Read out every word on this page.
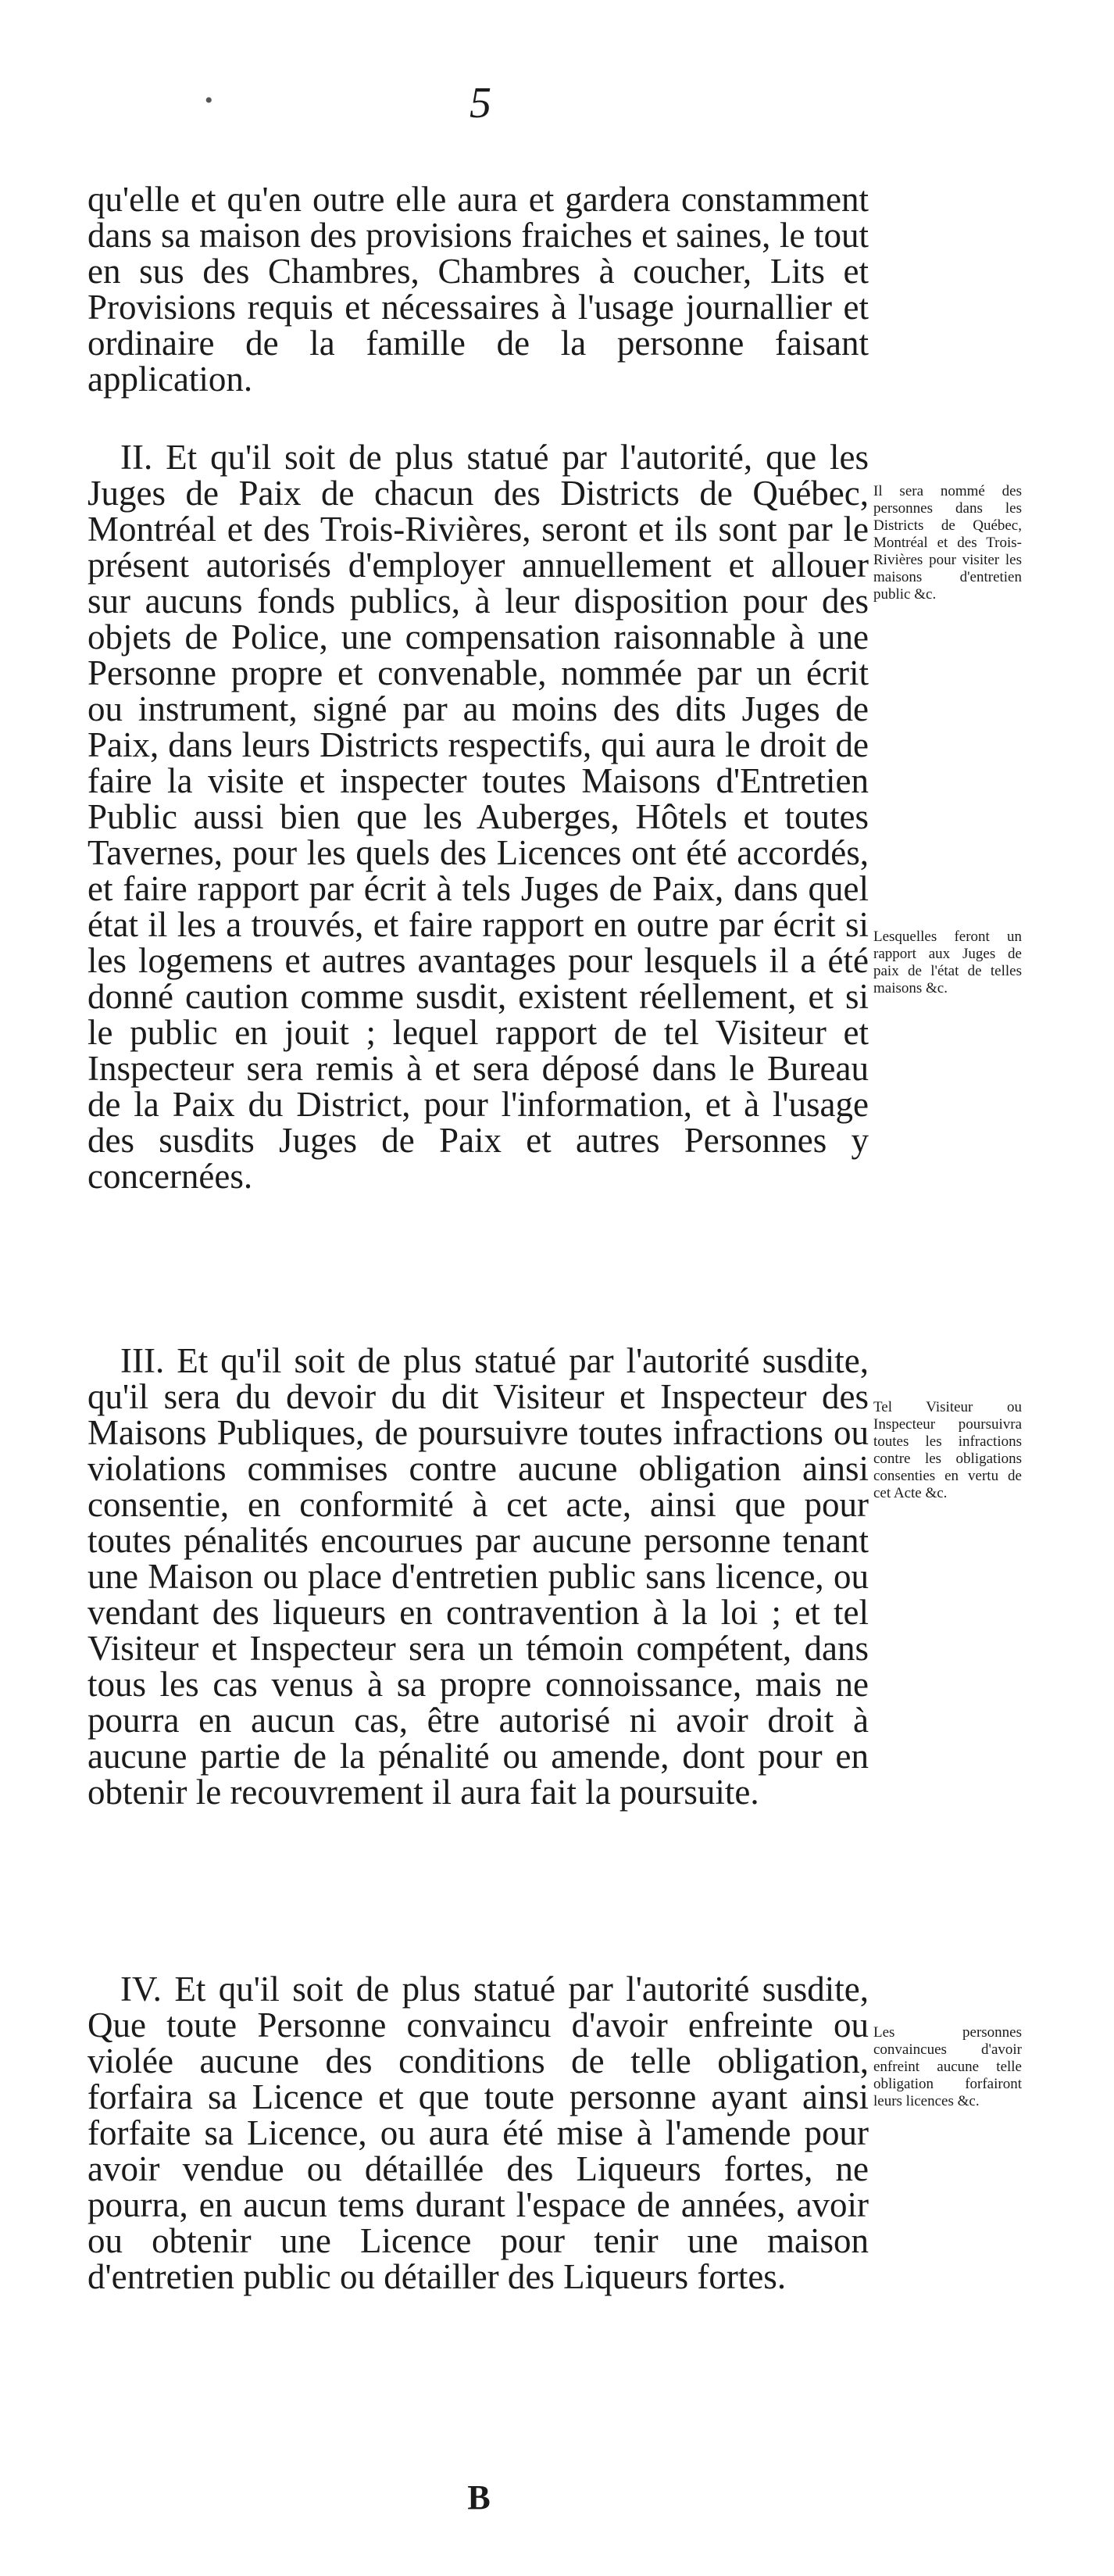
5
•

qu'elle et qu'en outre elle aura et gardera constamment dans sa maison des provisions fraiches et saines, le tout en sus des Chambres, Chambres à coucher, Lits et Provisions requis et nécessaires à l'usage journallier et ordinaire de la famille de la personne faisant application.

II. Et qu'il soit de plus statué par l'autorité, que les Juges de Paix de chacun des Districts de Québec, Montréal et des Trois-Rivières, seront et ils sont par le présent autorisés d'employer annuellement et allouer sur aucuns fonds publics, à leur disposition pour des objets de Police, une compensation raisonnable à une Personne propre et convenable, nommée par un écrit ou instrument, signé par au moins des dits Juges de Paix, dans leurs Districts respectifs, qui aura le droit de faire la visite et inspecter toutes Maisons d'Entretien Public aussi bien que les Auberges, Hôtels et toutes Tavernes, pour les quels des Licences ont été accordés, et faire rapport par écrit à tels Juges de Paix, dans quel état il les a trouvés, et faire rapport en outre par écrit si les logemens et autres avantages pour lesquels il a été donné caution comme susdit, existent réellement, et si le public en jouit ; lequel rapport de tel Visiteur et Inspecteur sera remis à et sera déposé dans le Bureau de la Paix du District, pour l'information, et à l'usage des susdits Juges de Paix et autres Personnes y concernées.

III. Et qu'il soit de plus statué par l'autorité susdite, qu'il sera du devoir du dit Visiteur et Inspecteur des Maisons Publiques, de poursuivre toutes infractions ou violations commises contre aucune obligation ainsi consentie, en conformité à cet acte, ainsi que pour toutes pénalités encourues par aucune personne tenant une Maison ou place d'entretien public sans licence, ou vendant des liqueurs en contravention à la loi ; et tel Visiteur et Inspecteur sera un témoin compétent, dans tous les cas venus à sa propre connoissance, mais ne pourra en aucun cas, être autorisé ni avoir droit à aucune partie de la pénalité ou amende, dont pour en obtenir le recouvrement il aura fait la poursuite.

IV. Et qu'il soit de plus statué par l'autorité susdite, Que toute Personne convaincu d'avoir enfreinte ou violée aucune des conditions de telle obligation, forfaira sa Licence et que toute personne ayant ainsi forfaite sa Licence, ou aura été mise à l'amende pour avoir vendue ou détaillée des Liqueurs fortes, ne pourra, en aucun tems durant l'espace de années, avoir ou obtenir une Licence pour tenir une maison d'entretien public ou détailler des Liqueurs fortes.

Il sera nommé des personnes dans les Districts de Québec, Montréal et des Trois-Rivières pour visiter les maisons d'entretien public &c.
Lesquelles feront un rapport aux Juges de paix de l'état de telles maisons &c.
Tel Visiteur ou Inspecteur poursuivra toutes les infractions contre les obligations consenties en vertu de cet Acte &c.
Les personnes convaincues d'avoir enfreint aucune telle obligation forfairont leurs licences &c.
B
